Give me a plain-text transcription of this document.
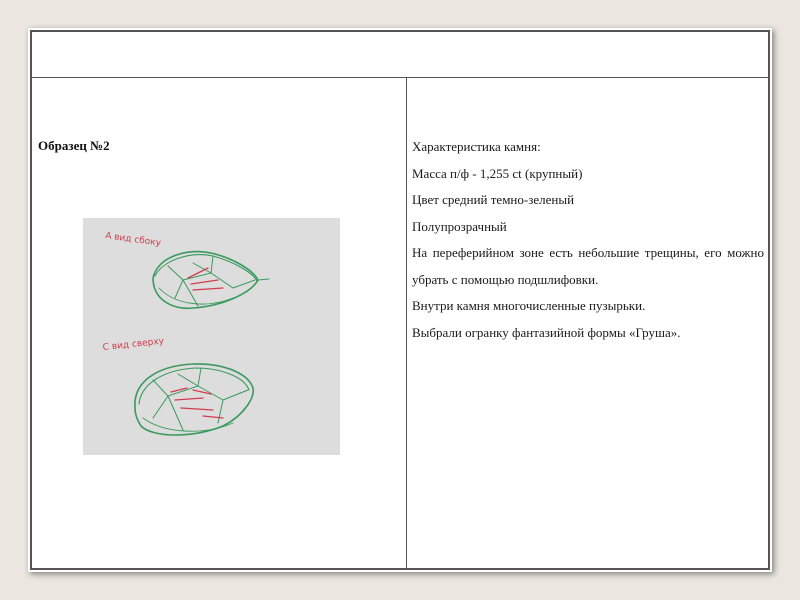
Образец №2

А вид сбоку
С вид сверху

Характеристика камня:

Масса п/ф - 1,255 ct (крупный)

Цвет средний темно-зеленый

Полупрозрачный

На переферийном зоне есть небольшие трещины, его можно убрать с помощью подшлифовки.

Внутри камня многочисленные пузырьки.

Выбрали огранку фантазийной формы «Груша».
